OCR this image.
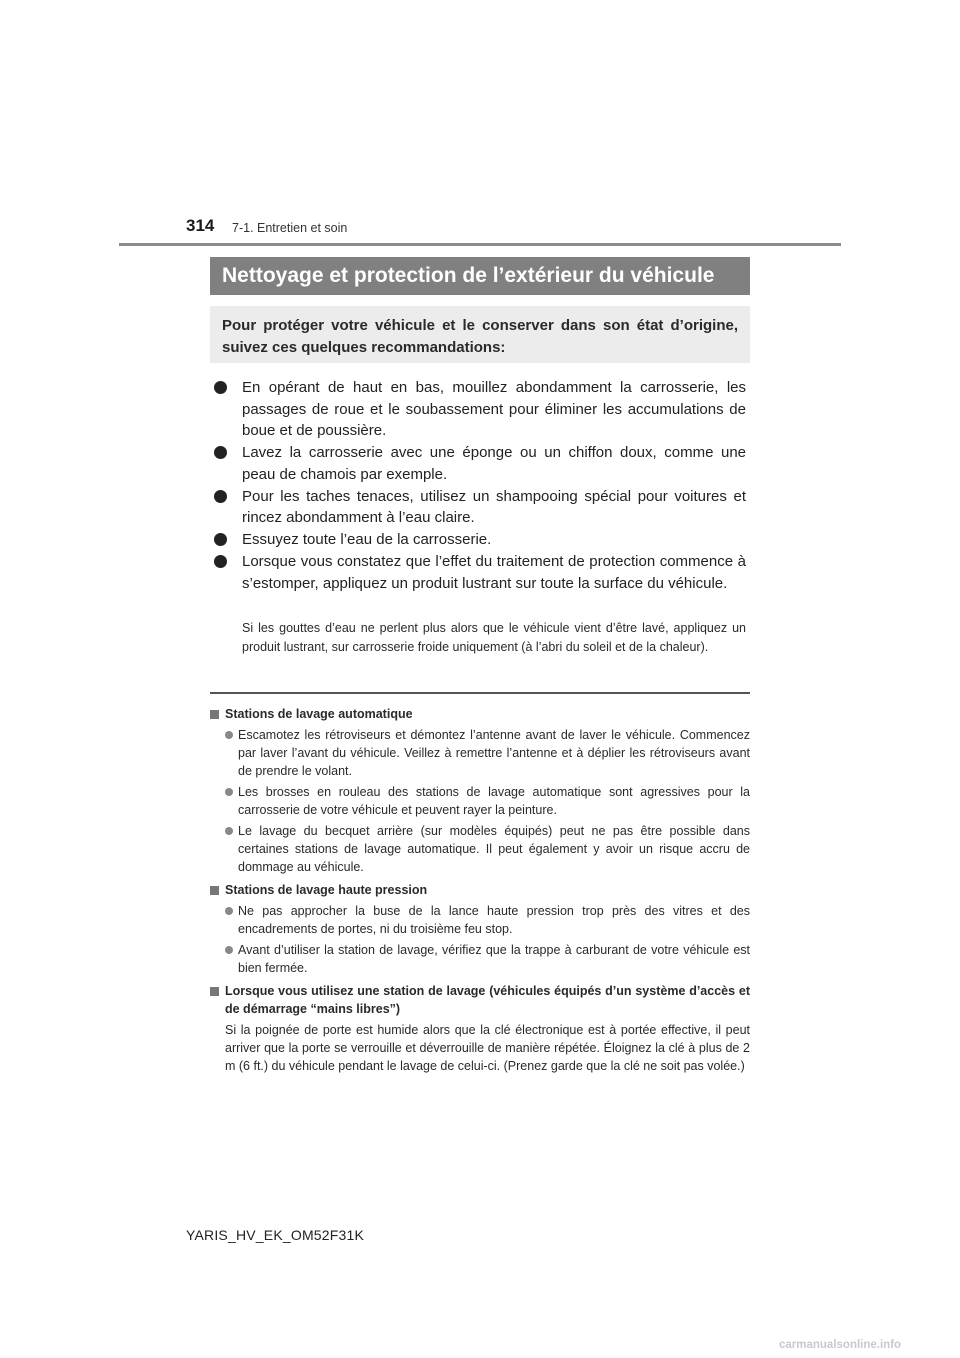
314 7-1. Entretien et soin
Nettoyage et protection de l’extérieur du véhicule
Pour protéger votre véhicule et le conserver dans son état d’origine, suivez ces quelques recommandations:
En opérant de haut en bas, mouillez abondamment la carrosserie, les passages de roue et le soubassement pour éliminer les accumulations de boue et de poussière.
Lavez la carrosserie avec une éponge ou un chiffon doux, comme une peau de chamois par exemple.
Pour les taches tenaces, utilisez un shampooing spécial pour voitures et rincez abondamment à l’eau claire.
Essuyez toute l’eau de la carrosserie.
Lorsque vous constatez que l’effet du traitement de protection commence à s’estomper, appliquez un produit lustrant sur toute la surface du véhicule.
Si les gouttes d’eau ne perlent plus alors que le véhicule vient d’être lavé, appliquez un produit lustrant, sur carrosserie froide uniquement (à l’abri du soleil et de la chaleur).
Stations de lavage automatique
Escamotez les rétroviseurs et démontez l’antenne avant de laver le véhicule. Commencez par laver l’avant du véhicule. Veillez à remettre l’antenne et à déplier les rétroviseurs avant de prendre le volant.
Les brosses en rouleau des stations de lavage automatique sont agressives pour la carrosserie de votre véhicule et peuvent rayer la peinture.
Le lavage du becquet arrière (sur modèles équipés) peut ne pas être possible dans certaines stations de lavage automatique. Il peut également y avoir un risque accru de dommage au véhicule.
Stations de lavage haute pression
Ne pas approcher la buse de la lance haute pression trop près des vitres et des encadrements de portes, ni du troisième feu stop.
Avant d’utiliser la station de lavage, vérifiez que la trappe à carburant de votre véhicule est bien fermée.
Lorsque vous utilisez une station de lavage (véhicules équipés d’un système d’accès et de démarrage “mains libres”)
Si la poignée de porte est humide alors que la clé électronique est à portée effective, il peut arriver que la porte se verrouille et déverrouille de manière répétée. Éloignez la clé à plus de 2 m (6 ft.) du véhicule pendant le lavage de celui-ci. (Prenez garde que la clé ne soit pas volée.)
YARIS_HV_EK_OM52F31K
carmanualsonline.info
